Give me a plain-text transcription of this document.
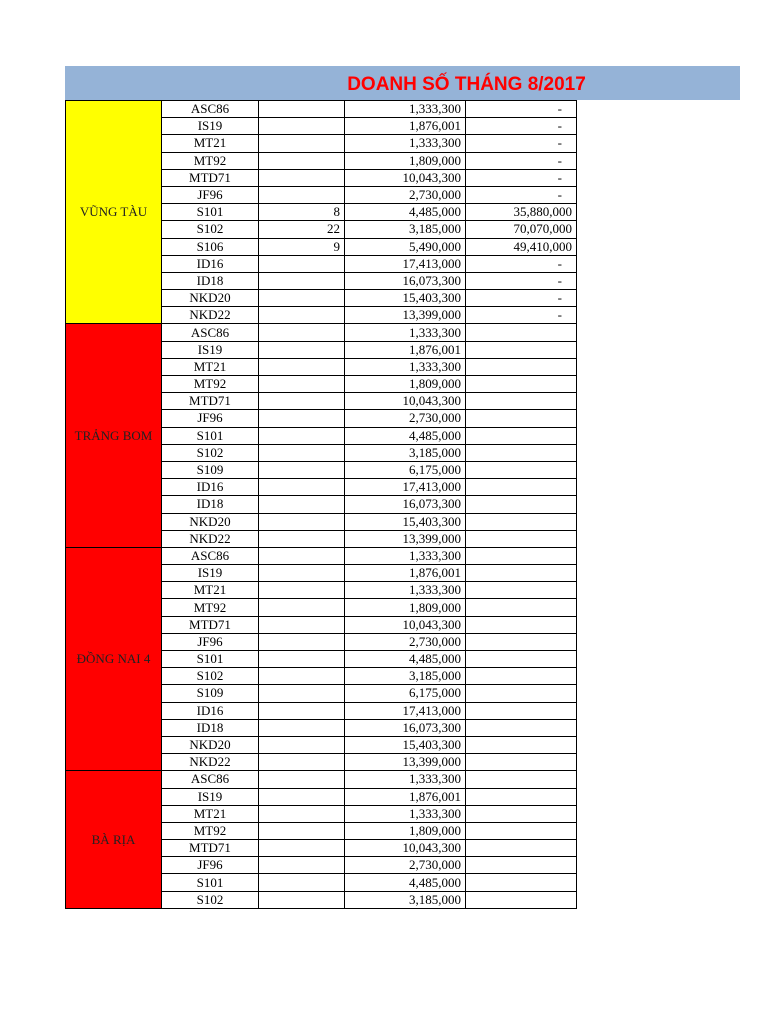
DOANH SỐ THÁNG 8/2017
VŨNG TÀU	ASC86		1,333,300	-
	IS19		1,876,001	-
	MT21		1,333,300	-
	MT92		1,809,000	-
	MTD71		10,043,300	-
	JF96		2,730,000	-
	S101	8	4,485,000	35,880,000
	S102	22	3,185,000	70,070,000
	S106	9	5,490,000	49,410,000
	ID16		17,413,000	-
	ID18		16,073,300	-
	NKD20		15,403,300	-
	NKD22		13,399,000	-
TRẢNG BOM	ASC86		1,333,300	
	IS19		1,876,001	
	MT21		1,333,300	
	MT92		1,809,000	
	MTD71		10,043,300	
	JF96		2,730,000	
	S101		4,485,000	
	S102		3,185,000	
	S109		6,175,000	
	ID16		17,413,000	
	ID18		16,073,300	
	NKD20		15,403,300	
	NKD22		13,399,000	
ĐỒNG NAI 4	ASC86		1,333,300	
	IS19		1,876,001	
	MT21		1,333,300	
	MT92		1,809,000	
	MTD71		10,043,300	
	JF96		2,730,000	
	S101		4,485,000	
	S102		3,185,000	
	S109		6,175,000	
	ID16		17,413,000	
	ID18		16,073,300	
	NKD20		15,403,300	
	NKD22		13,399,000	
BÀ RỊA	ASC86		1,333,300	
	IS19		1,876,001	
	MT21		1,333,300	
	MT92		1,809,000	
	MTD71		10,043,300	
	JF96		2,730,000	
	S101		4,485,000	
	S102		3,185,000	
